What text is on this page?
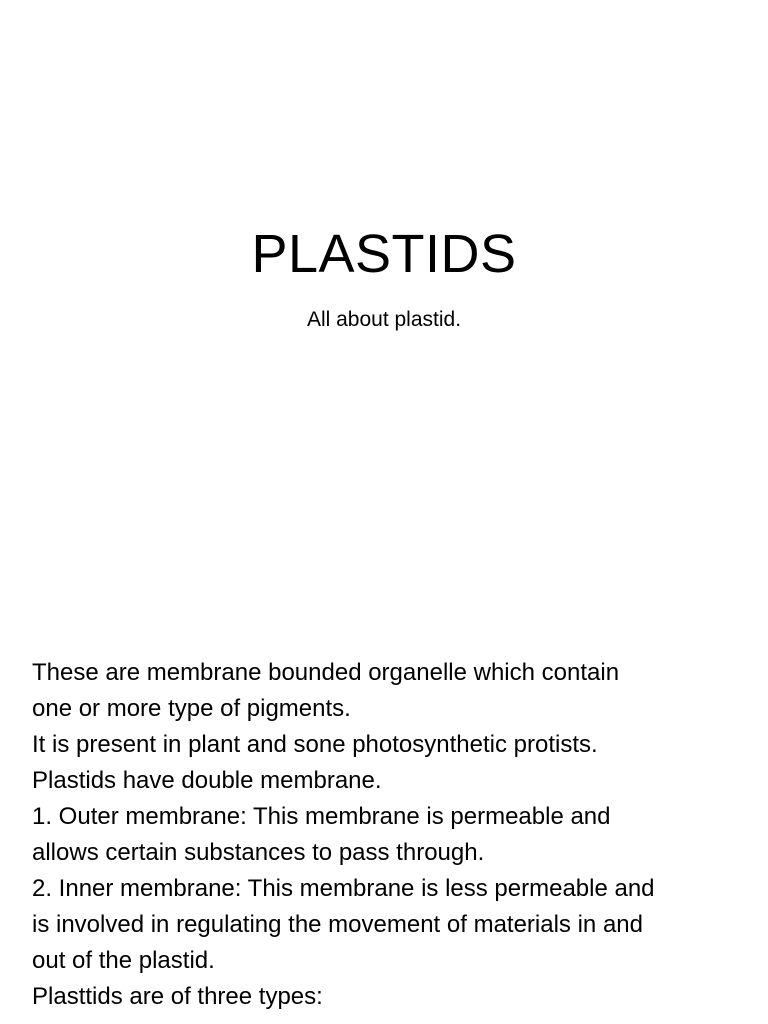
PLASTIDS

All about plastid.

These are membrane bounded organelle which contain
one or more type of pigments.
It is present in plant and sone photosynthetic protists.
Plastids have double membrane.
1. Outer membrane: This membrane is permeable and
allows certain substances to pass through.
2. Inner membrane: This membrane is less permeable and
is involved in regulating the movement of materials in and
out of the plastid.
Plasttids are of three types:
